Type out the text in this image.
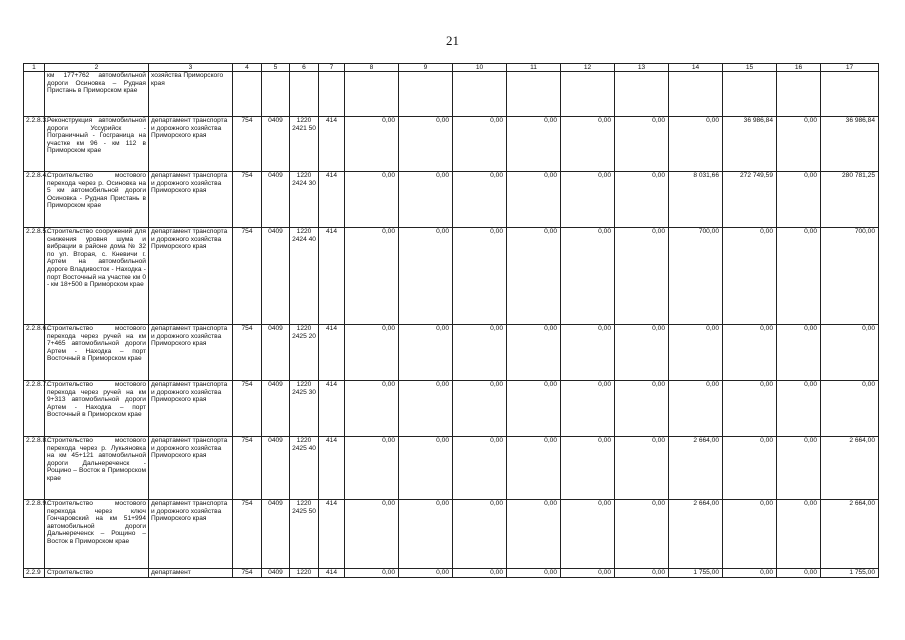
21
1	2	3	4	5	6	7	8	9	10	11	12	13	14	15	16	17
	км 177+762 автомобильной дороги Осиновка – Рудная Пристань в Приморском крае	хозяйства Приморского края														
2.2.8.3.	Реконструкция автомобильной дороги Уссурийск - Пограничный - Госграница на участке км 96 - км 112 в Приморском крае	департамент транспорта и дорожного хозяйства Приморского края	754	0409	1220 2421 50	414	0,00	0,00	0,00	0,00	0,00	0,00	0,00	36 986,84	0,00	36 986,84
2.2.8.4.	Строительство мостового перехода через р. Осиновка на 5 км автомобильной дороги Осиновка - Рудная Пристань в Приморском крае	департамент транспорта и дорожного хозяйства Приморского края	754	0409	1220 2424 30	414	0,00	0,00	0,00	0,00	0,00	0,00	8 031,66	272 749,59	0,00	280 781,25
2.2.8.5.	Строительство сооружений для снижения уровня шума и вибрации в районе дома № 32 по ул. Вторая, с. Кневичи г. Артем на автомобильной дороге Владивосток - Находка - порт Восточный на участке км 0 - км 18+500 в Приморском крае	департамент транспорта и дорожного хозяйства Приморского края	754	0409	1220 2424 40	414	0,00	0,00	0,00	0,00	0,00	0,00	700,00	0,00	0,00	700,00
2.2.8.6.	Строительство мостового перехода через ручей на км 7+465 автомобильной дороги Артем - Находка – порт Восточный в Приморском крае	департамент транспорта и дорожного хозяйства Приморского края	754	0409	1220 2425 20	414	0,00	0,00	0,00	0,00	0,00	0,00	0,00	0,00	0,00	0,00
2.2.8.7.	Строительство мостового перехода через ручей на км 9+313 автомобильной дороги Артем - Находка – порт Восточный в Приморском крае	департамент транспорта и дорожного хозяйства Приморского края	754	0409	1220 2425 30	414	0,00	0,00	0,00	0,00	0,00	0,00	0,00	0,00	0,00	0,00
2.2.8.8.	Строительство мостового перехода через р. Лукьяновка на км 45+121 автомобильной дороги Дальнереченск - Рощино – Восток в Приморском крае	департамент транспорта и дорожного хозяйства Приморского края	754	0409	1220 2425 40	414	0,00	0,00	0,00	0,00	0,00	0,00	2 664,00	0,00	0,00	2 664,00
2.2.8.9.	Строительство мостового перехода через ключ Гончаровский на км 51+994 автомобильной дороги Дальнереченск – Рощино – Восток в Приморском крае	департамент транспорта и дорожного хозяйства Приморского края	754	0409	1220 2425 50	414	0,00	0,00	0,00	0,00	0,00	0,00	2 664,00	0,00	0,00	2 664,00
2.2.9	Строительство	департамент	754	0409	1220	414	0,00	0,00	0,00	0,00	0,00	0,00	1 755,00	0,00	0,00	1 755,00
